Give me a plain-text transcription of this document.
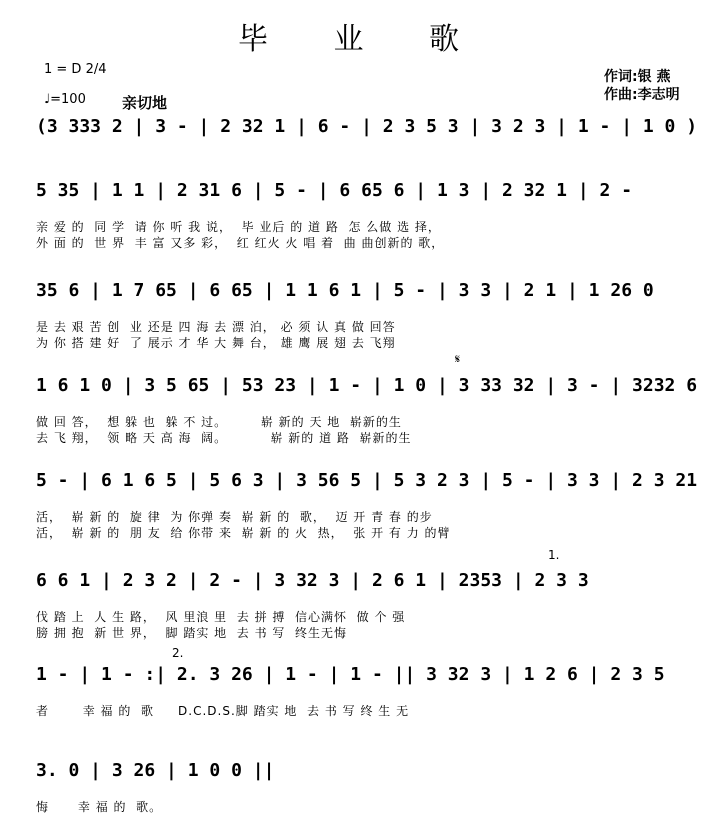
毕 业 歌
1 = D 2/4
♩=100 亲切地
作词:银 燕
作曲:李志明
(3 333 2 | 3 - | 2 32 1 | 6 - | 2 3 5 3 | 3 2 3 | 1 - | 1 0 )
5 35 | 1 1 | 2 31 6 | 5 - | 6 65 6 | 1 3 | 2 32 1 | 2 -
亲 爱 的  同 学  请 你 听 我 说，  毕 业后 的 道 路  怎 么做 选 择，
外 面 的  世 界  丰 富 又多 彩，  红 红火 火 唱 着  曲 曲创新的 歌，
35 6 | 1 7 65 | 6 65 | 1 1 6 1 | 5 - | 3 3 | 2 1 | 1 26 0
是 去 艰 苦 创  业 还是 四 海 去 漂 泊， 必 须 认 真 做 回答
为 你 搭 建 好  了 展示 才 华 大 舞 台， 雄 鹰 展 翅 去 飞翔
1 6 1 0 | 3 5 65 | 53 23 | 1 - | 1 0 | 3 33 32 | 3 - | 3232 6
做 回 答，  想 躲 也  躲 不 过。       崭 新的 天 地  崭新的生
去 飞 翔，  领 略 天 高 海  阔。         崭 新的 道 路  崭新的生
𝄋
5 - | 6 1 6 5 | 5 6 3 | 3 56 5 | 5 3 2 3 | 5 - | 3 3 | 2 3 21
活，  崭 新 的  旋 律  为 你弹 奏  崭 新 的  歌，  迈 开 青 春 的步
活，  崭 新 的  朋 友  给 你带 来  崭 新 的 火  热，  张 开 有 力 的臂
1.
6 6 1 | 2 3 2 | 2 - | 3 32 3 | 2 6 1 | 2353 | 2 3 3
伐 踏 上  人 生 路，  风 里浪 里  去 拼 搏  信心满怀  做 个 强
膀 拥 抱  新 世 界，  脚 踏实 地  去 书 写  终生无悔
2.
1 - | 1 - :| 2. 3 26 | 1 - | 1 - || 3 32 3 | 1 2 6 | 2 3 5
者       幸 福 的  歌     D.C.D.S.脚 踏实 地  去 书 写 终 生 无
3. 0 | 3 26 | 1 0 0 ||
悔      幸 福 的  歌。
